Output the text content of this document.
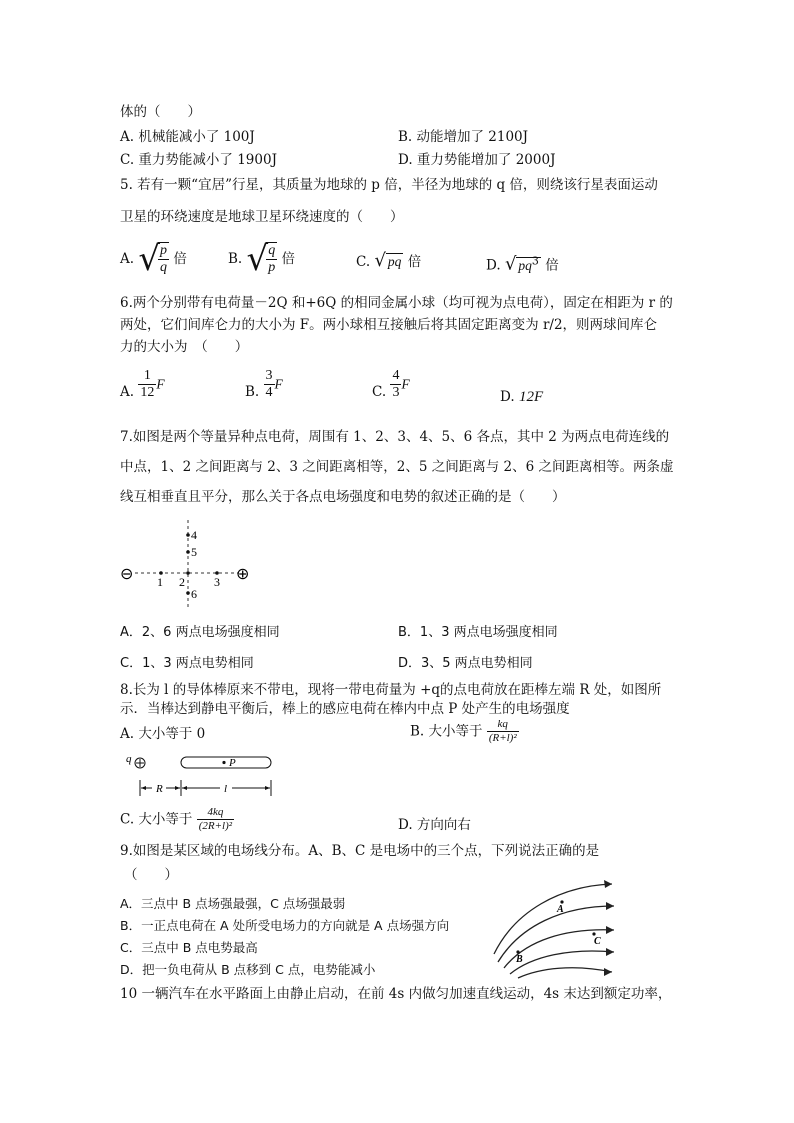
体的（　　）
A. 机械能减小了 100J	B. 动能增加了 2100J
C. 重力势能减小了 1900J	D. 重力势能增加了 2000J
5. 若有一颗“宜居”行星，其质量为地球的 p 倍，半径为地球的 q 倍，则绕该行星表面运动
卫星的环绕速度是地球卫星环绕速度的（　　）
A. √
$\frac{p}{q}$ 倍	B. √
$\frac{q}{p}$ 倍	C. √ pq 倍	D. √ $pq^3$ 倍
6.两个分别带有电荷量－2Q 和+6Q 的相同金属小球（均可视为点电荷），固定在相距为 r 的
两处，它们间库仑力的大小为 F。两小球相互接触后将其固定距离变为 r/2，则两球间库仑
力的大小为　（　　）
A. $\frac{1}{12}$ F	B. $\frac{3}{4}$ F	C. $\frac{4}{3}$ F
D. 12F
7.如图是两个等量异种点电荷，周围有 1、2、3、4、5、6 各点，其中 2 为两点电荷连线的
中点，1、2 之间距离与 2、3 之间距离相等，2、5 之间距离与 2、6 之间距离相等。两条虚
线互相垂直且平分，那么关于各点电场强度和电势的叙述正确的是（　　）
⊖	⊕
1 2 3
4
5
6
A．2、6 两点电场强度相同	B．1、3 两点电场强度相同
C．1、3 两点电势相同	D．3、5 两点电势相同
8.长为 l 的导体棒原来不带电，现将一带电荷量为 +q的点电荷放在距棒左端 R 处，如图所
示．当棒达到静电平衡后，棒上的感应电荷在棒内中点 P 处产生的电场强度
A. 大小等于 0	B. 大小等于 $\frac{kq}{\text{(R+l)²}}$
q	P
R	l
C. 大小等于 $\frac{4kq}{\text{(2R+l)²}}$	D. 方向向右
9.如图是某区域的电场线分布。A、B、C 是电场中的三个点，下列说法正确的是
（　　）
A．三点中 B 点场强最强，C 点场强最弱
B．一正点电荷在 A 处所受电场力的方向就是 A 点场强方向
C．三点中 B 点电势最高
D．把一负电荷从 B 点移到 C 点，电势能减小
A
B
C
10 一辆汽车在水平路面上由静止启动，在前 4s 内做匀加速直线运动，4s 末达到额定功率，
